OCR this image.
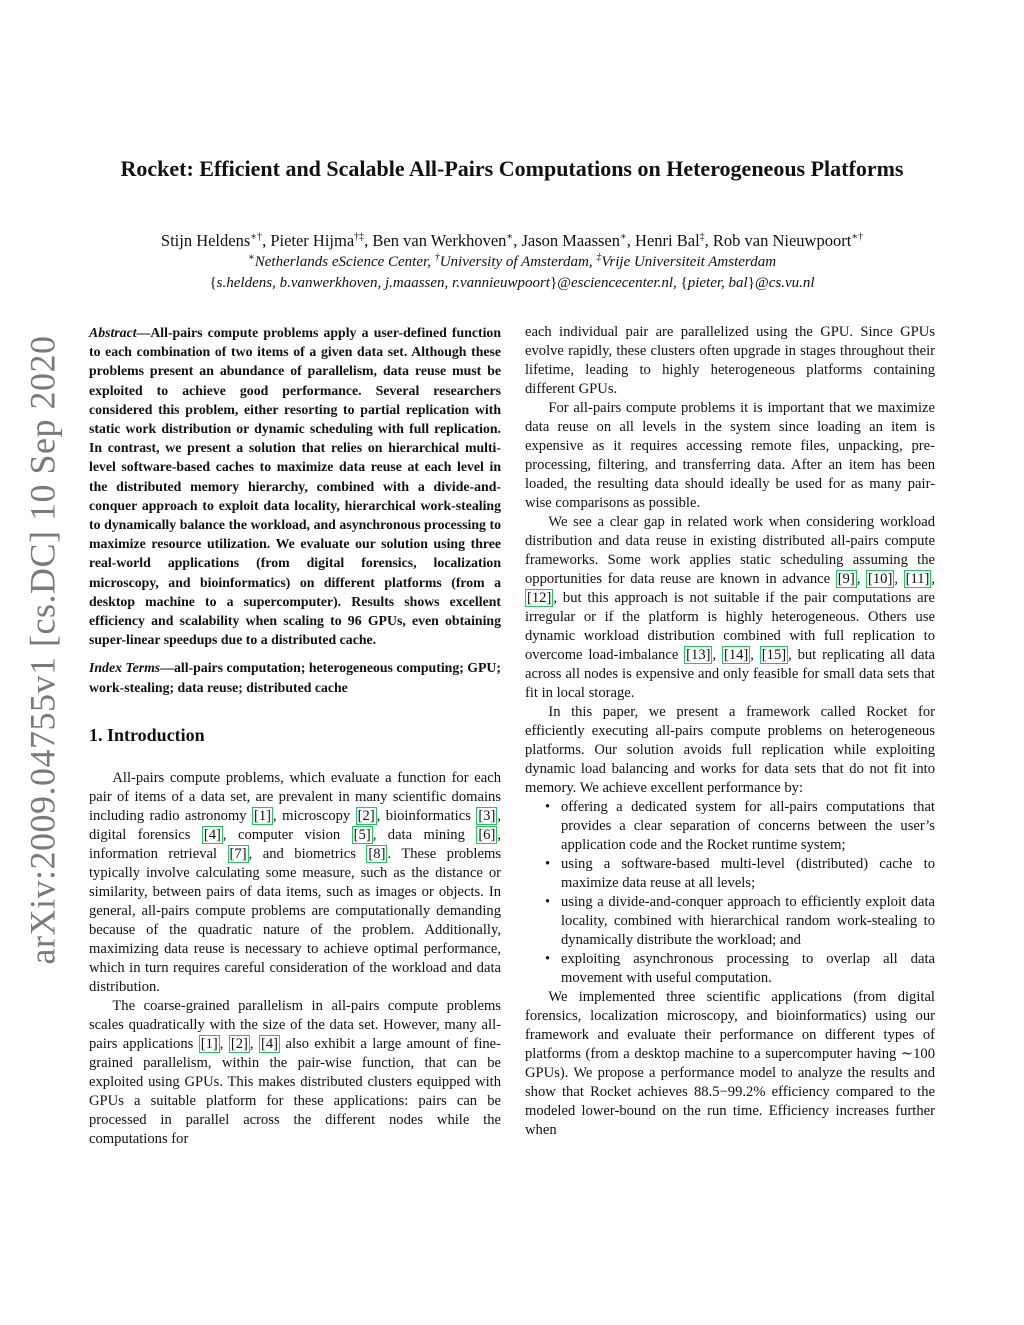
arXiv:2009.04755v1 [cs.DC] 10 Sep 2020
Rocket: Efficient and Scalable All-Pairs Computations on Heterogeneous Platforms
Stijn Heldens∗†, Pieter Hijma†‡, Ben van Werkhoven∗, Jason Maassen∗, Henri Bal‡, Rob van Nieuwpoort∗†
∗Netherlands eScience Center, †University of Amsterdam, ‡Vrije Universiteit Amsterdam
{s.heldens, b.vanwerkhoven, j.maassen, r.vannieuwpoort}@esciencecenter.nl, {pieter, bal}@cs.vu.nl

Abstract—All-pairs compute problems apply a user-defined function to each combination of two items of a given data set. Although these problems present an abundance of parallelism, data reuse must be exploited to achieve good performance. Several researchers considered this problem, either resorting to partial replication with static work distribution or dynamic scheduling with full replication. In contrast, we present a solution that relies on hierarchical multi-level software-based caches to maximize data reuse at each level in the distributed memory hierarchy, combined with a divide-and-conquer approach to exploit data locality, hierarchical work-stealing to dynamically balance the workload, and asynchronous processing to maximize resource utilization. We evaluate our solution using three real-world applications (from digital forensics, localization microscopy, and bioinformatics) on different platforms (from a desktop machine to a supercomputer). Results shows excellent efficiency and scalability when scaling to 96 GPUs, even obtaining super-linear speedups due to a distributed cache.

Index Terms—all-pairs computation; heterogeneous computing; GPU; work-stealing; data reuse; distributed cache

1. Introduction

All-pairs compute problems, which evaluate a function for each pair of items of a data set, are prevalent in many scientific domains including radio astronomy [1] , microscopy [2] , bioinformatics [3] , digital forensics [4] , computer vision [5] , data mining [6] , information retrieval [7] , and biometrics [8] . These problems typically involve calculating some measure, such as the distance or similarity, between pairs of data items, such as images or objects. In general, all-pairs compute problems are computationally demanding because of the quadratic nature of the problem. Additionally, maximizing data reuse is necessary to achieve optimal performance, which in turn requires careful consideration of the workload and data distribution.

The coarse-grained parallelism in all-pairs compute problems scales quadratically with the size of the data set. However, many all-pairs applications [1] , [2] , [4] also exhibit a large amount of fine-grained parallelism, within the pair-wise function, that can be exploited using GPUs. This makes distributed clusters equipped with GPUs a suitable platform for these applications: pairs can be processed in parallel across the different nodes while the computations for

each individual pair are parallelized using the GPU. Since GPUs evolve rapidly, these clusters often upgrade in stages throughout their lifetime, leading to highly heterogeneous platforms containing different GPUs.

For all-pairs compute problems it is important that we maximize data reuse on all levels in the system since loading an item is expensive as it requires accessing remote files, unpacking, pre-processing, filtering, and transferring data. After an item has been loaded, the resulting data should ideally be used for as many pair-wise comparisons as possible.

We see a clear gap in related work when considering workload distribution and data reuse in existing distributed all-pairs compute frameworks. Some work applies static scheduling assuming the opportunities for data reuse are known in advance [9] , [10] , [11] , [12] , but this approach is not suitable if the pair computations are irregular or if the platform is highly heterogeneous. Others use dynamic workload distribution combined with full replication to overcome load-imbalance [13] , [14] , [15] , but replicating all data across all nodes is expensive and only feasible for small data sets that fit in local storage.

In this paper, we present a framework called Rocket for efficiently executing all-pairs compute problems on heterogeneous platforms. Our solution avoids full replication while exploiting dynamic load balancing and works for data sets that do not fit into memory. We achieve excellent performance by:

• offering a dedicated system for all-pairs computations that provides a clear separation of concerns between the user’s application code and the Rocket runtime system;
• using a software-based multi-level (distributed) cache to maximize data reuse at all levels;
• using a divide-and-conquer approach to efficiently exploit data locality, combined with hierarchical random work-stealing to dynamically distribute the workload; and
• exploiting asynchronous processing to overlap all data movement with useful computation.

We implemented three scientific applications (from digital forensics, localization microscopy, and bioinformatics) using our framework and evaluate their performance on different types of platforms (from a desktop machine to a supercomputer having ∼100 GPUs). We propose a performance model to analyze the results and show that Rocket achieves 88.5−99.2% efficiency compared to the modeled lower-bound on the run time. Efficiency increases further when
